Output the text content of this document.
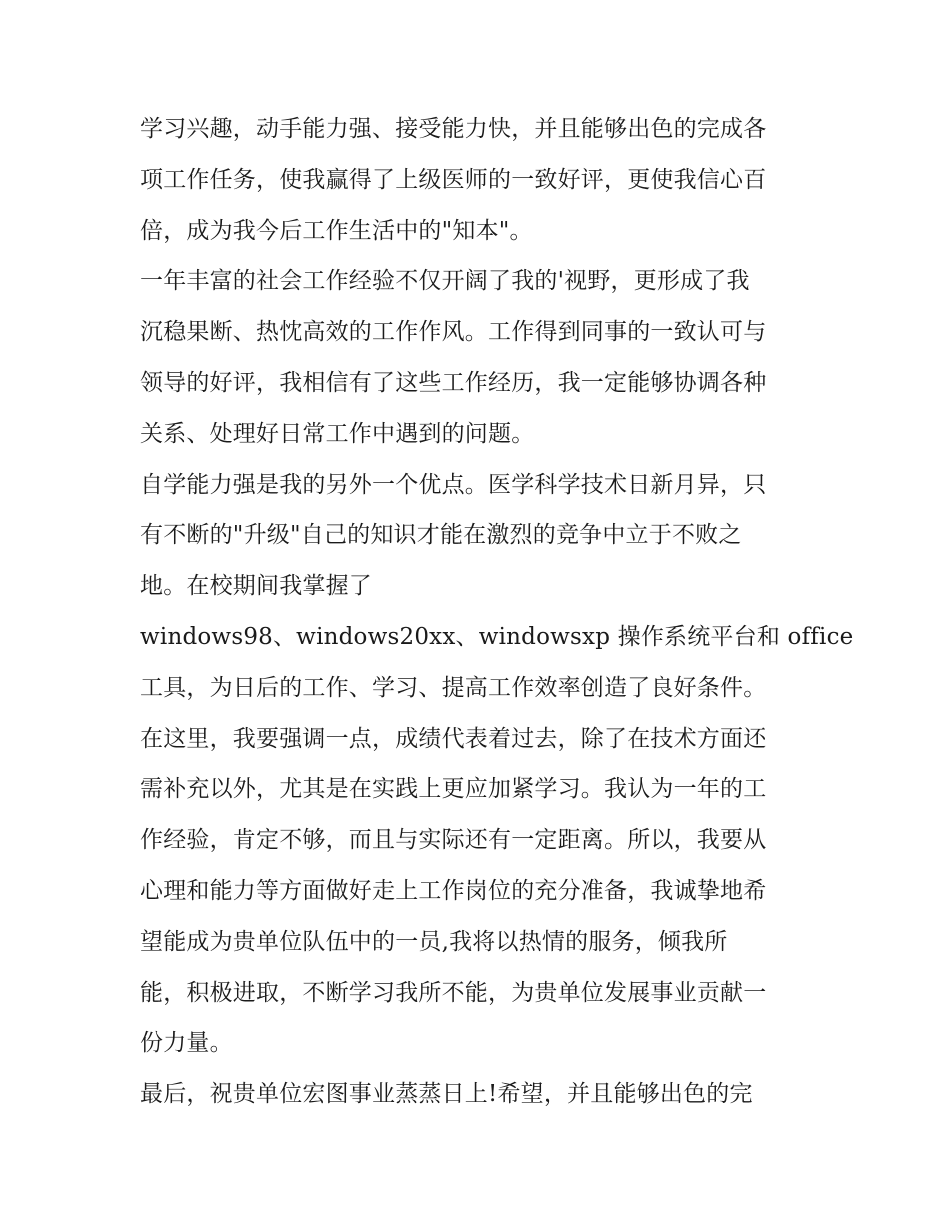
学习兴趣，动手能力强、接受能力快，并且能够出色的完成各
项工作任务，使我赢得了上级医师的一致好评，更使我信心百
倍，成为我今后工作生活中的"知本"。
一年丰富的社会工作经验不仅开阔了我的'视野，更形成了我
沉稳果断、热忱高效的工作作风。工作得到同事的一致认可与
领导的好评，我相信有了这些工作经历，我一定能够协调各种
关系、处理好日常工作中遇到的问题。
自学能力强是我的另外一个优点。医学科学技术日新月异，只
有不断的"升级"自己的知识才能在激烈的竞争中立于不败之
地。在校期间我掌握了
windows98、windows20xx、windowsxp 操作系统平台和 office
工具，为日后的工作、学习、提高工作效率创造了良好条件。
在这里，我要强调一点，成绩代表着过去，除了在技术方面还
需补充以外，尤其是在实践上更应加紧学习。我认为一年的工
作经验，肯定不够，而且与实际还有一定距离。所以，我要从
心理和能力等方面做好走上工作岗位的充分准备，我诚挚地希
望能成为贵单位队伍中的一员,我将以热情的服务，倾我所
能，积极进取，不断学习我所不能，为贵单位发展事业贡献一
份力量。
最后，祝贵单位宏图事业蒸蒸日上!希望，并且能够出色的完
